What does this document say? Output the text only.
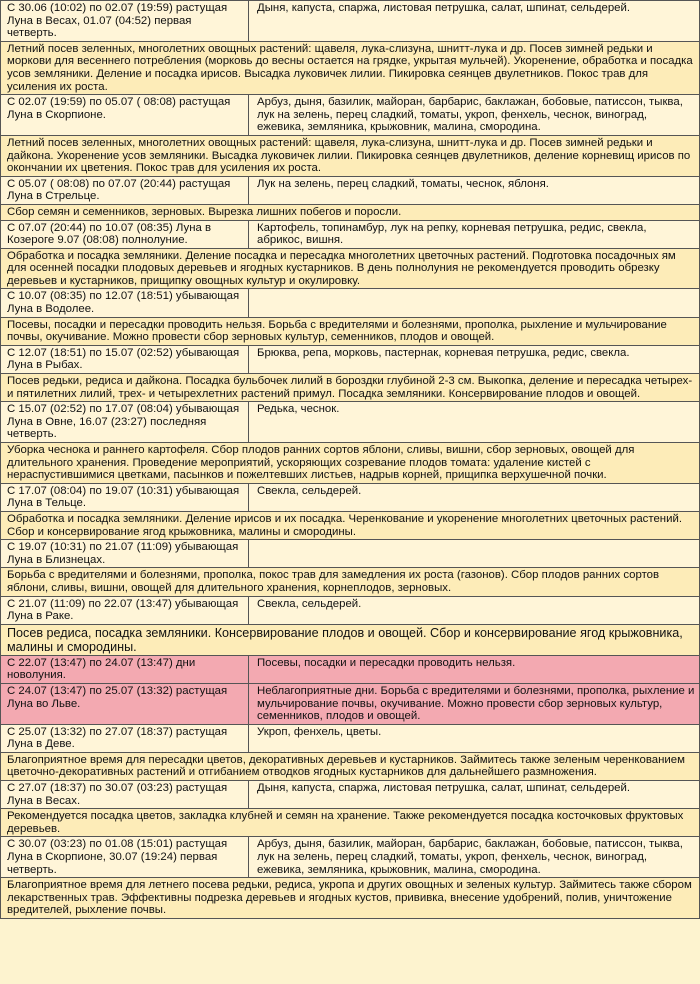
С 30.06 (10:02) по 02.07 (19:59) растущая Луна в Весах, 01.07 (04:52) первая четверть.
Дыня, капуста, спаржа, листовая петрушка, салат, шпинат, сельдерей.
Летний посев зеленных, многолетних овощных растений: щавеля, лука-слизуна, шнитт-лука и др. Посев зимней редьки и моркови для весеннего потребления (морковь до весны остается на грядке, укрытая мульчей). Укоренение, обработка и посадка усов земляники. Деление и посадка ирисов. Высадка луковичек лилии. Пикировка сеянцев двулетников. Покос трав для усиления их роста.
С 02.07 (19:59) по 05.07 ( 08:08) растущая Луна в Скорпионе.
Арбуз, дыня, базилик, майоран, барбарис, баклажан, бобовые, патиссон, тыква, лук на зелень, перец сладкий, томаты, укроп, фенхель, чеснок, виноград, ежевика, земляника, крыжовник, малина, смородина.
Летний посев зеленных, многолетних овощных растений: щавеля, лука-слизуна, шнитт-лука и др. Посев зимней редьки и дайкона. Укоренение усов земляники. Высадка луковичек лилии. Пикировка сеянцев двулетников, деление корневищ ирисов по окончании их цветения. Покос трав для усиления их роста.
С 05.07 ( 08:08) по 07.07 (20:44) растущая Луна в Стрельце.
Лук на зелень, перец сладкий, томаты, чеснок, яблоня.
Сбор семян и семенников, зерновых. Вырезка лишних побегов и поросли.
С 07.07 (20:44) по 10.07 (08:35) Луна в Козероге 9.07 (08:08) полнолуние.
Картофель, топинамбур, лук на репку, корневая петрушка, редис, свекла, абрикос, вишня.
Обработка и посадка земляники. Деление посадка и пересадка многолетних цветочных растений. Подготовка посадочных ям для осенней посадки плодовых деревьев и ягодных кустарников. В день полнолуния не рекомендуется проводить обрезку деревьев и кустарников, прищипку овощных культур и окулировку.
С 10.07 (08:35) по 12.07 (18:51) убывающая Луна в Водолее.
Посевы, посадки и пересадки проводить нельзя. Борьба с вредителями и болезнями, прополка, рыхление и мульчирование почвы, окучивание. Можно провести сбор зерновых культур, семенников, плодов и овощей.
С 12.07 (18:51) по 15.07 (02:52) убывающая Луна в Рыбах.
Брюква, репа, морковь, пастернак, корневая петрушка, редис, свекла.
Посев редьки, редиса и дайкона. Посадка бульбочек лилий в бороздки глубиной 2-3 см. Выкопка, деление и пересадка четырех- и пятилетних лилий, трех- и четырехлетних растений примул. Посадка земляники. Консервирование плодов и овощей.
С 15.07 (02:52) по 17.07 (08:04) убывающая Луна в Овне, 16.07 (23:27) последняя четверть.
Редька, чеснок.
Уборка чеснока и раннего картофеля. Сбор плодов ранних сортов яблони, сливы, вишни, сбор зерновых, овощей для длительного хранения. Проведение мероприятий, ускоряющих созревание плодов томата: удаление кистей с нераспустившимися цветками, пасынков и пожелтевших листьев, надрыв корней, прищипка верхушечной почки.
С 17.07 (08:04) по 19.07 (10:31) убывающая Луна в Тельце.
Свекла, сельдерей.
Обработка и посадка земляники. Деление ирисов и их посадка. Черенкование и укоренение многолетних цветочных растений. Сбор и консервирование ягод крыжовника, малины и смородины.
С 19.07 (10:31) по 21.07 (11:09) убывающая Луна в Близнецах.
Борьба с вредителями и болезнями, прополка, покос трав для замедления их роста (газонов). Сбор плодов ранних сортов яблони, сливы, вишни, овощей для длительного хранения, корнеплодов, зерновых.
С 21.07 (11:09) по 22.07 (13:47) убывающая Луна в Раке.
Свекла, сельдерей.
Посев редиса, посадка земляники. Консервирование плодов и овощей. Сбор и консервирование ягод крыжовника, малины и смородины.
С 22.07 (13:47) по 24.07 (13:47) дни новолуния.
Посевы, посадки и пересадки проводить нельзя.
С 24.07 (13:47) по 25.07 (13:32) растущая Луна во Льве.
Неблагоприятные дни. Борьба с вредителями и болезнями, прополка, рыхление и мульчирование почвы, окучивание. Можно провести сбор зерновых культур, семенников, плодов и овощей.
С 25.07 (13:32) по 27.07 (18:37) растущая Луна в Деве.
Укроп, фенхель, цветы.
Благоприятное время для пересадки цветов, декоративных деревьев и кустарников. Займитесь также зеленым черенкованием цветочно-декоративных растений и отгибанием отводков ягодных кустарников для дальнейшего размножения.
С 27.07 (18:37) по 30.07 (03:23) растущая Луна в Весах.
Дыня, капуста, спаржа, листовая петрушка, салат, шпинат, сельдерей.
Рекомендуется посадка цветов, закладка клубней и семян на хранение. Также рекомендуется посадка косточковых фруктовых деревьев.
С 30.07 (03:23) по 01.08 (15:01) растущая Луна в Скорпионе, 30.07 (19:24) первая четверть.
Арбуз, дыня, базилик, майоран, барбарис, баклажан, бобовые, патиссон, тыква, лук на зелень, перец сладкий, томаты, укроп, фенхель, чеснок, виноград, ежевика, земляника, крыжовник, малина, смородина.
Благоприятное время для летнего посева редьки, редиса, укропа и других овощных и зеленых культур. Займитесь также сбором лекарственных трав. Эффективны подрезка деревьев и ягодных кустов, прививка, внесение удобрений, полив, уничтожение вредителей, рыхление почвы.
